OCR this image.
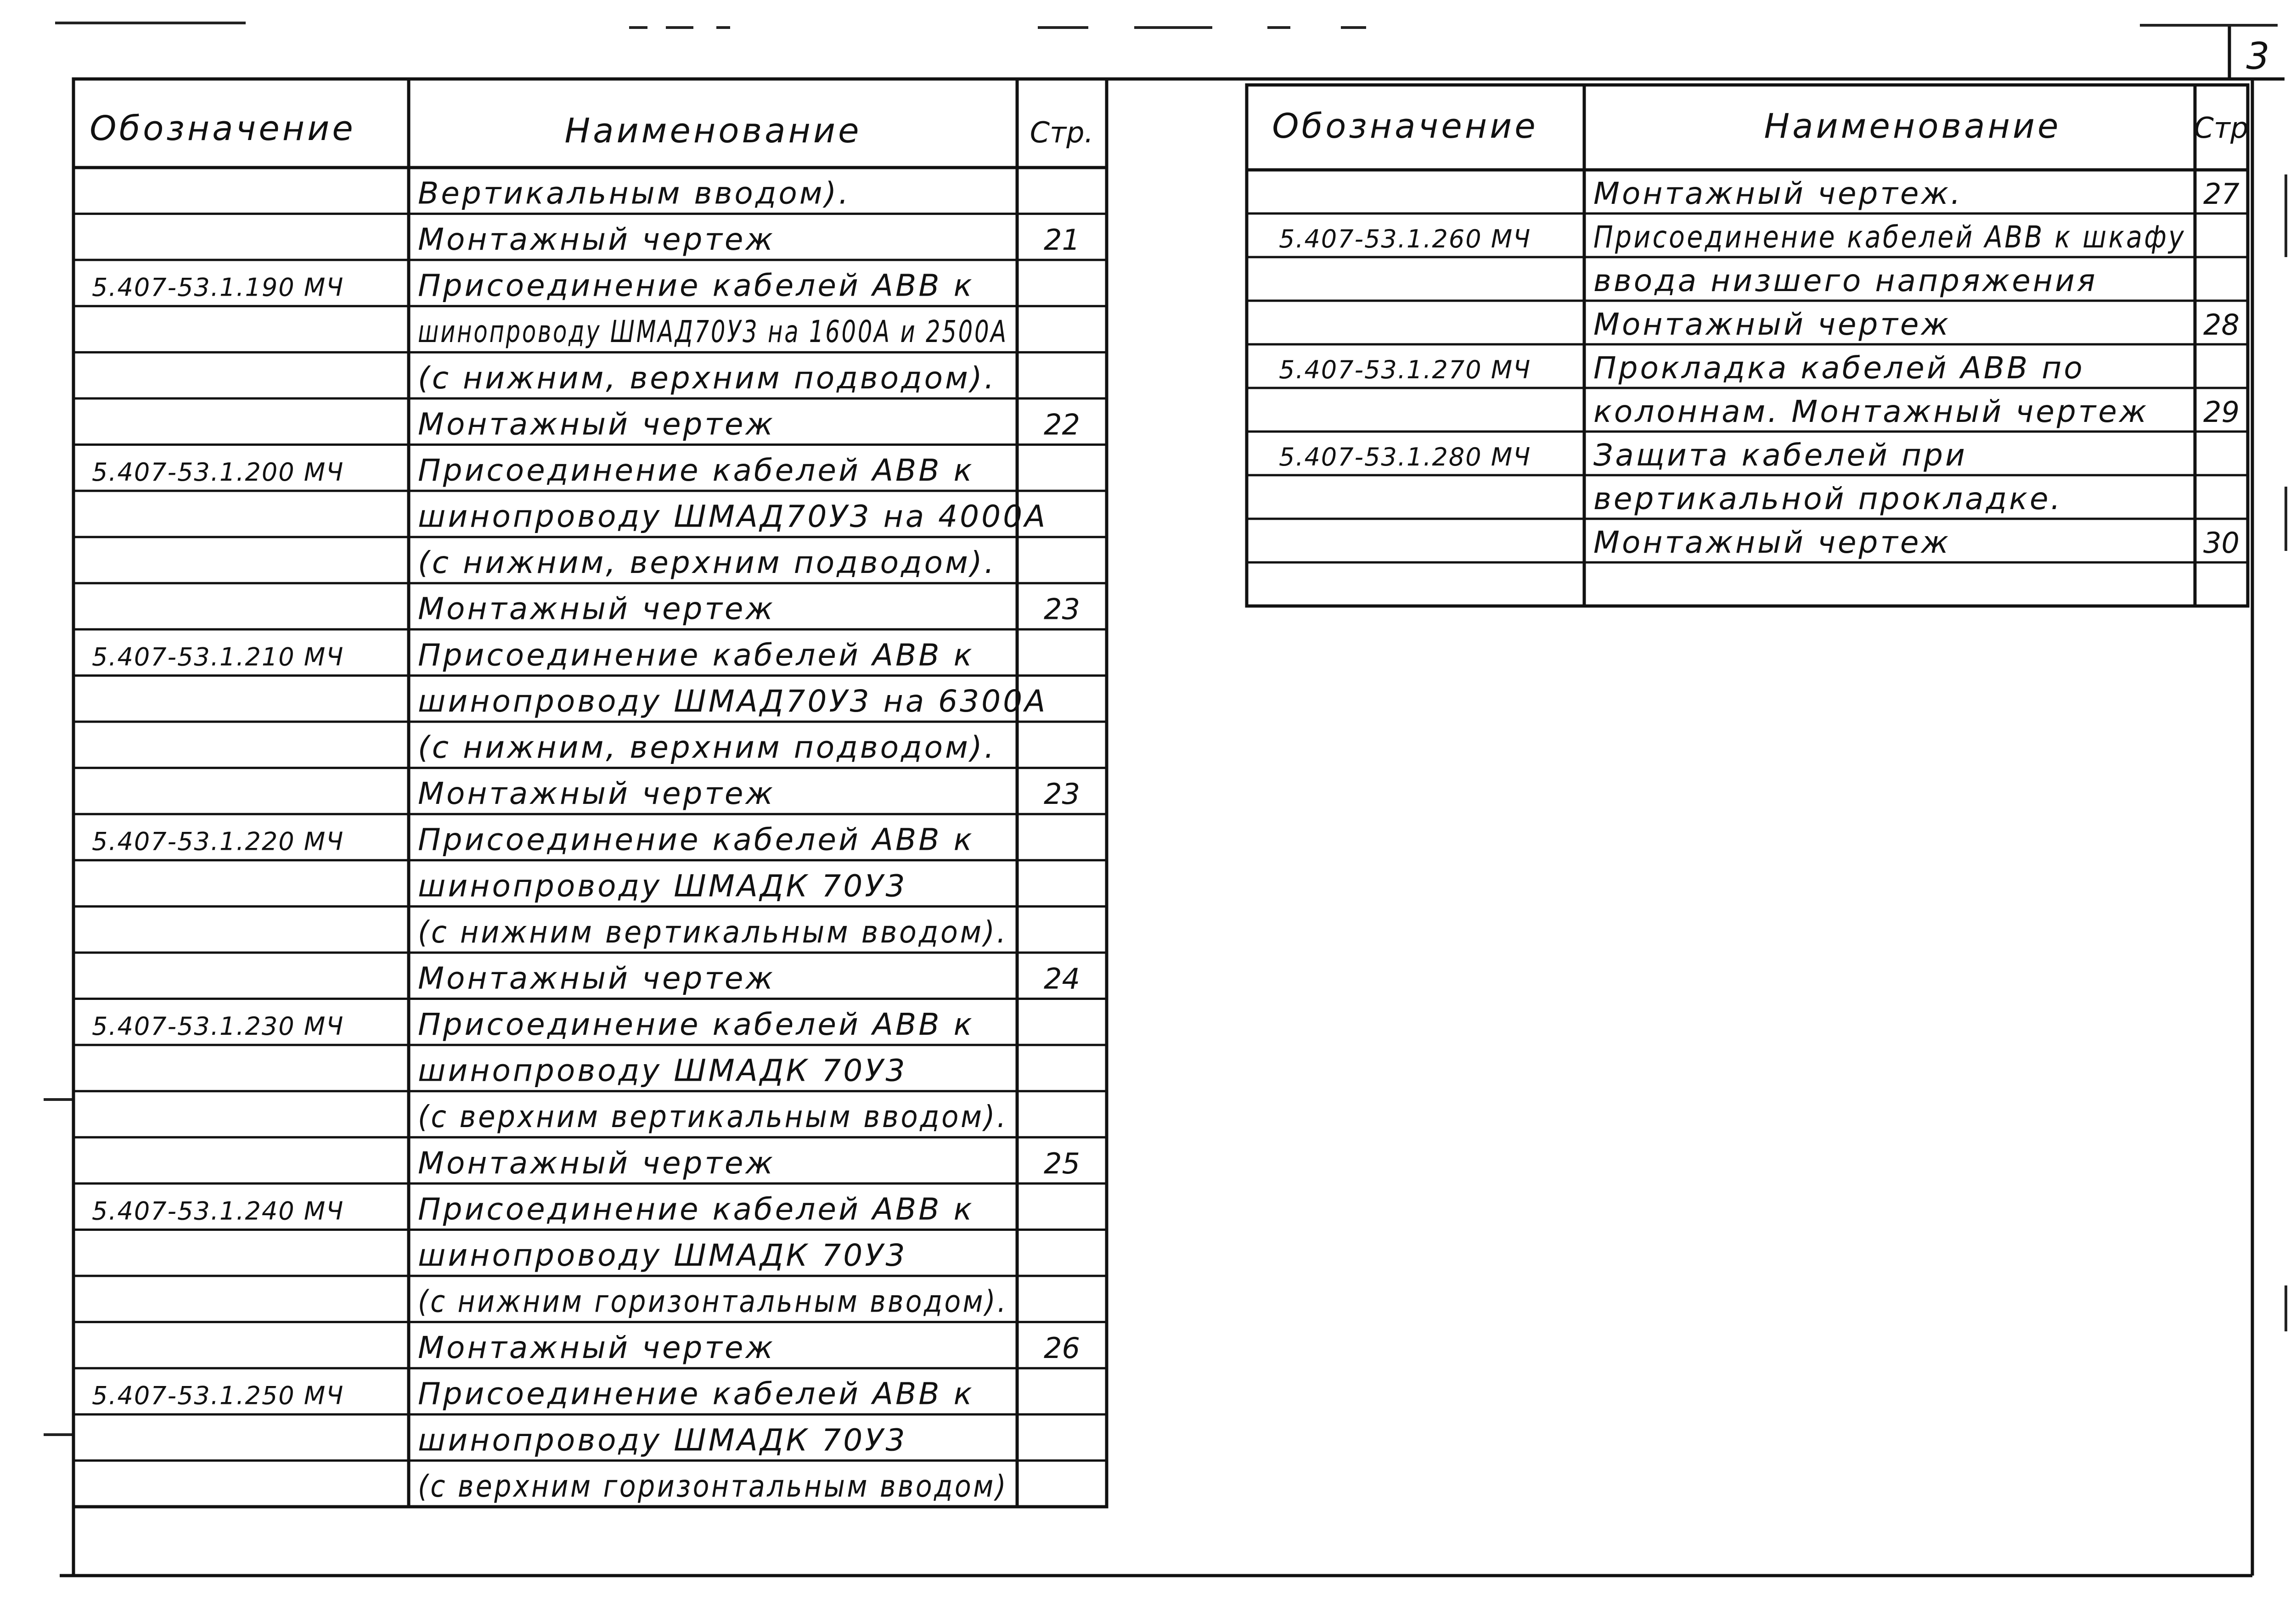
3
Обозначение	Наименование	Стр.
Вертикальным вводом).
Монтажный чертеж	21
5.407-53.1.190 МЧ Присоединение кабелей АВВ к
шинопроводу ШМАД70У3 на 1600А и 2500А
(с нижним, верхним подводом).
Монтажный чертеж	22
5.407-53.1.200 МЧ Присоединение кабелей АВВ к
шинопроводу ШМАД70У3 на 4000А
(с нижним, верхним подводом).
Монтажный чертеж	23
5.407-53.1.210 МЧ Присоединение кабелей АВВ к
шинопроводу ШМАД70У3 на 6300А
(с нижним, верхним подводом).
Монтажный чертеж	23
5.407-53.1.220 МЧ Присоединение кабелей АВВ к
шинопроводу ШМАДК 70У3
(с нижним вертикальным вводом).
Монтажный чертеж	24
5.407-53.1.230 МЧ Присоединение кабелей АВВ к
шинопроводу ШМАДК 70У3
(с верхним вертикальным вводом).
Монтажный чертеж	25
5.407-53.1.240 МЧ Присоединение кабелей АВВ к
шинопроводу ШМАДК 70У3
(с нижним горизонтальным вводом).
Монтажный чертеж	26
5.407-53.1.250 МЧ Присоединение кабелей АВВ к
шинопроводу ШМАДК 70У3
(с верхним горизонтальным вводом)
Обозначение	Наименование	Стр
Монтажный чертеж.	27
5.407-53.1.260 МЧ Присоединение кабелей АВВ к шкафу
ввода низшего напряжения
Монтажный чертеж	28
5.407-53.1.270 МЧ Прокладка кабелей АВВ по
колоннам. Монтажный чертеж 29
5.407-53.1.280 МЧ Защита кабелей при
вертикальной прокладке.
Монтажный чертеж	30
